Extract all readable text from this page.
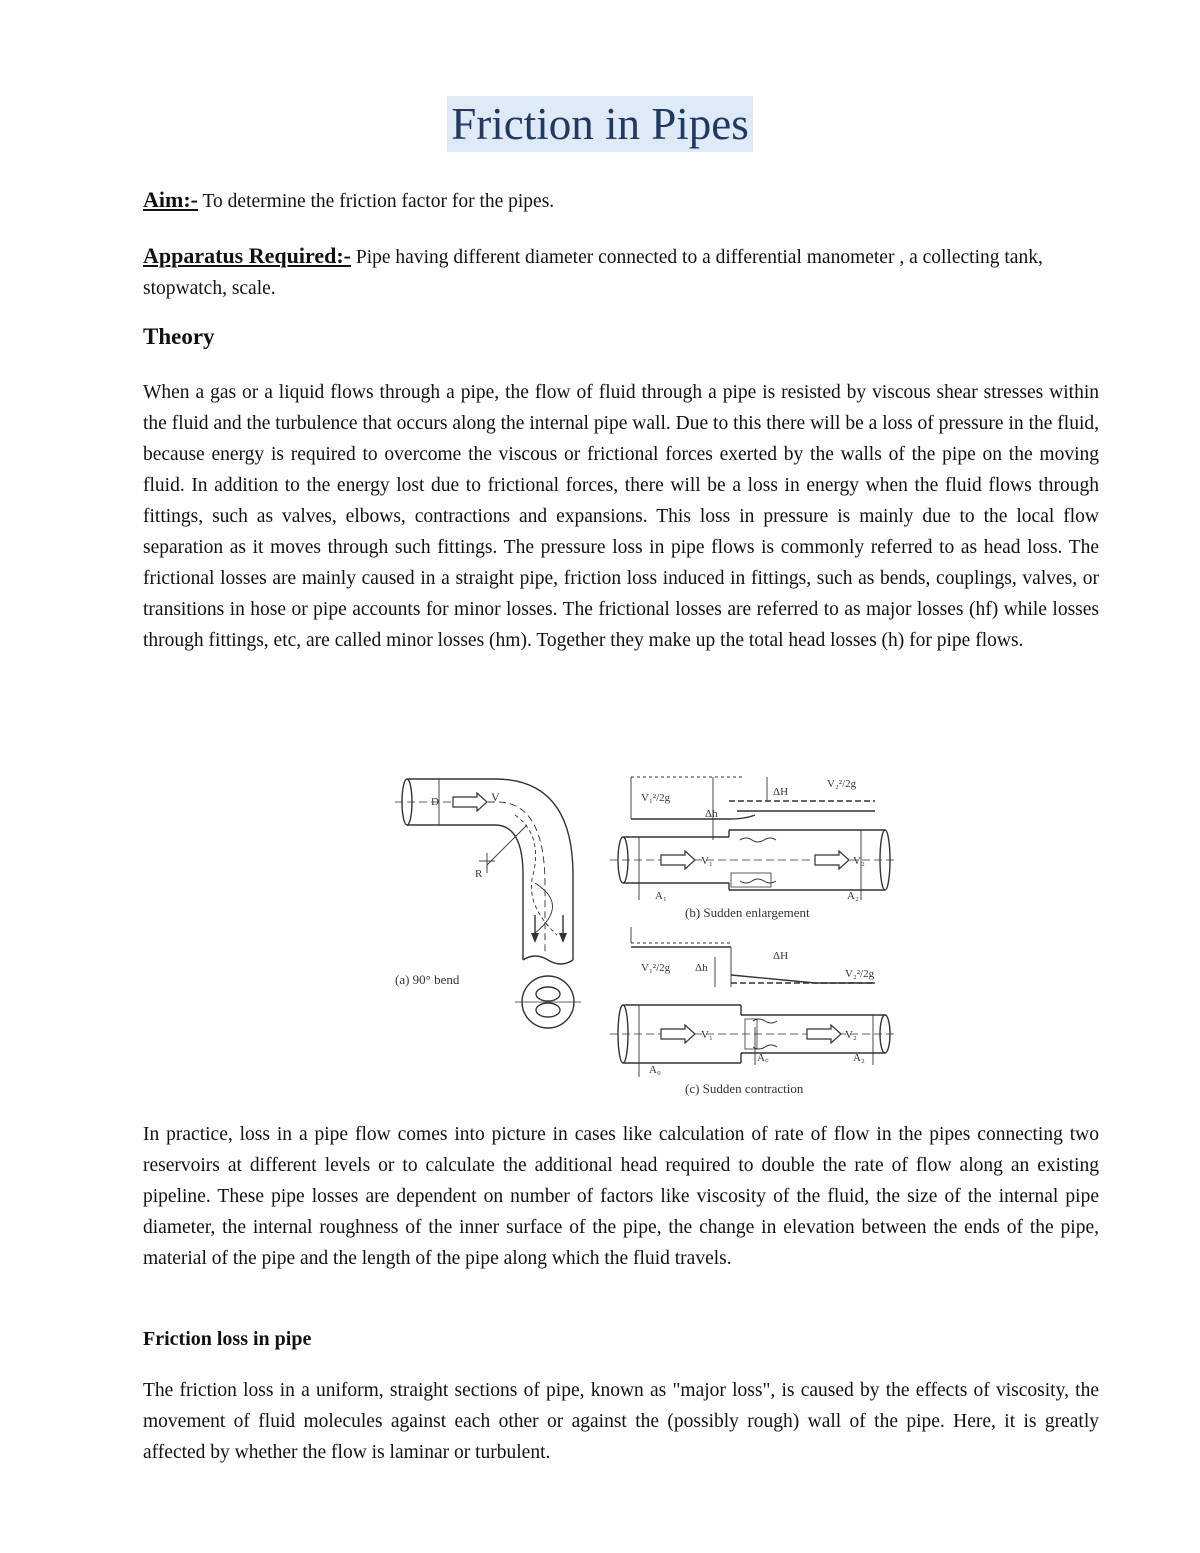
Friction in Pipes
Aim:- To determine the friction factor for the pipes.
Apparatus Required:- Pipe having different diameter connected to a differential manometer , a collecting tank, stopwatch, scale.
Theory

When a gas or a liquid flows through a pipe, the flow of fluid through a pipe is resisted by viscous shear stresses within the fluid and the turbulence that occurs along the internal pipe wall. Due to this there will be a loss of pressure in the fluid, because energy is required to overcome the viscous or frictional forces exerted by the walls of the pipe on the moving fluid. In addition to the energy lost due to frictional forces, there will be a loss in energy when the fluid flows through fittings, such as valves, elbows, contractions and expansions. This loss in pressure is mainly due to the local flow separation as it moves through such fittings. The pressure loss in pipe flows is commonly referred to as head loss. The frictional losses are mainly caused in a straight pipe, friction loss induced in fittings, such as bends, couplings, valves, or transitions in hose or pipe accounts for minor losses. The frictional losses are referred to as major losses (hf) while losses through fittings, etc, are called minor losses (hm). Together they make up the total head losses (h) for pipe flows.

D	V
R
(a) 90° bend
V₁²/2g
V₂²/2g
ΔH
Δh
V₁	V₂
A₁	A₂
(b) Sudden enlargement
V₁²/2g	V₂²/2g
ΔH
Δh
V₁	V₂
A꜀	A₂
A₀
(c) Sudden contraction

In practice, loss in a pipe flow comes into picture in cases like calculation of rate of flow in the pipes connecting two reservoirs at different levels or to calculate the additional head required to double the rate of flow along an existing pipeline. These pipe losses are dependent on number of factors like viscosity of the fluid, the size of the internal pipe diameter, the internal roughness of the inner surface of the pipe, the change in elevation between the ends of the pipe, material of the pipe and the length of the pipe along which the fluid travels.

Friction loss in pipe

The friction loss in a uniform, straight sections of pipe, known as "major loss", is caused by the effects of viscosity, the movement of fluid molecules against each other or against the (possibly rough) wall of the pipe. Here, it is greatly affected by whether the flow is laminar or turbulent.
